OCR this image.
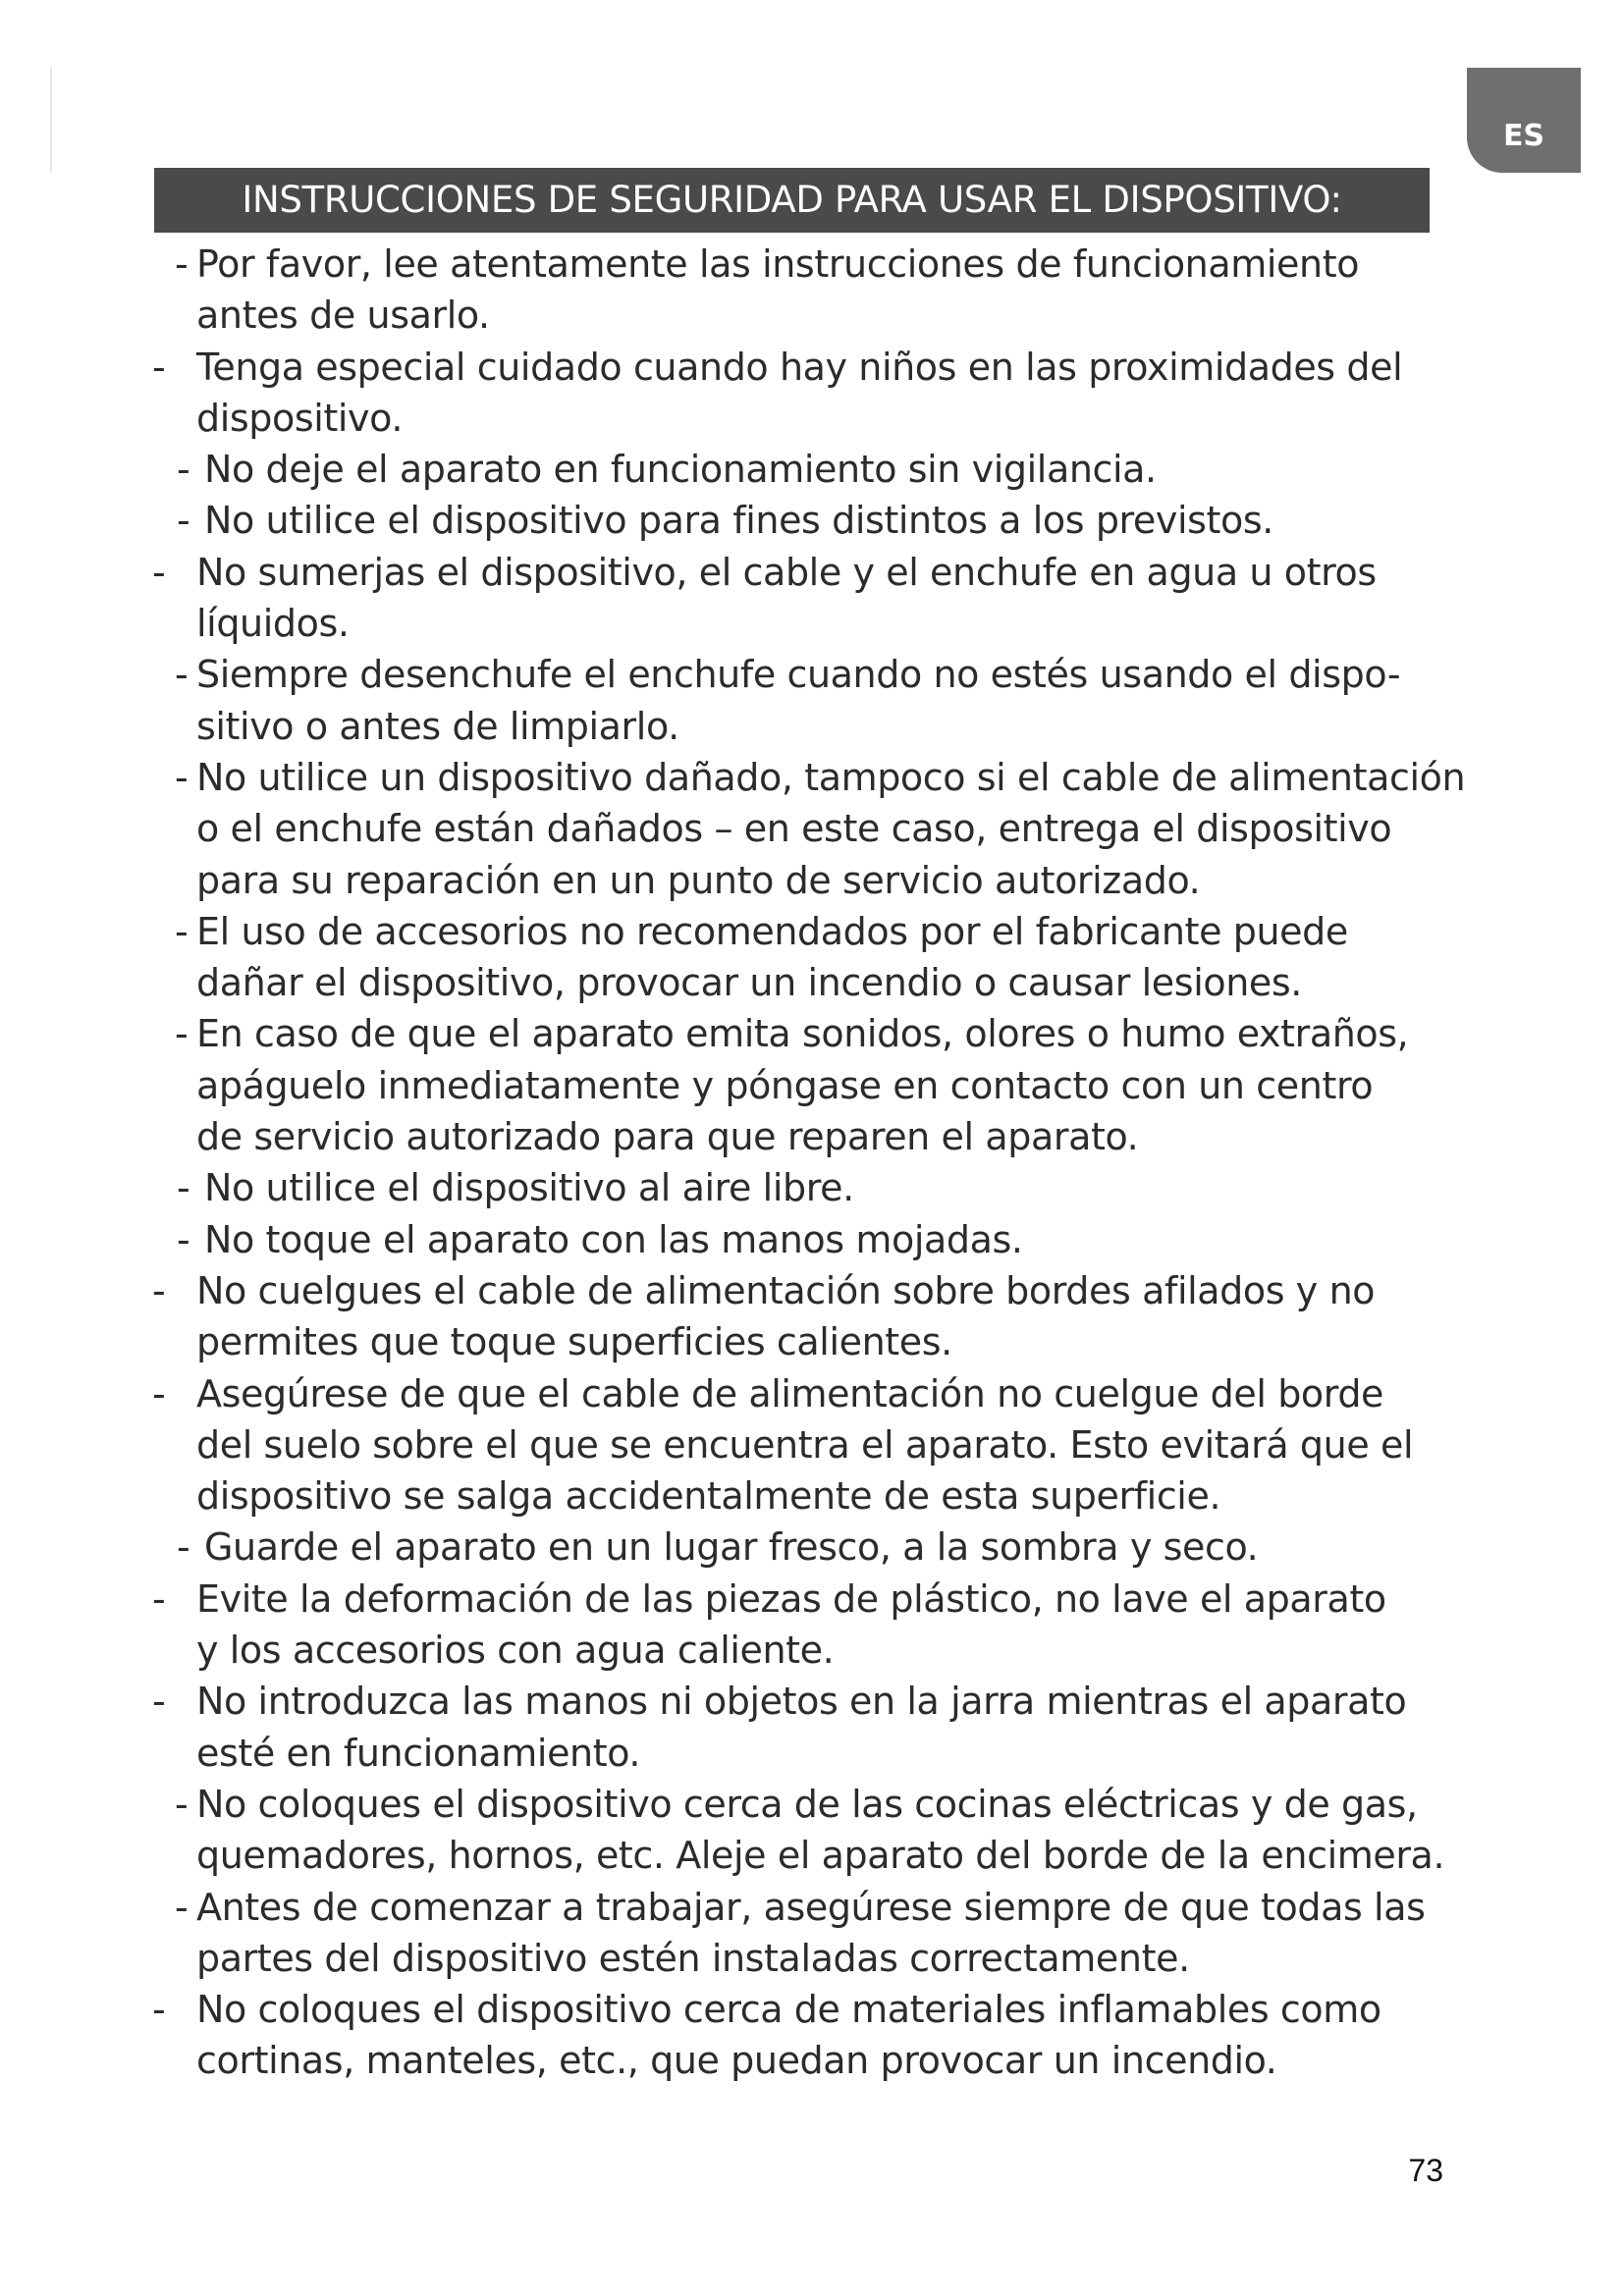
ES
INSTRUCCIONES DE SEGURIDAD PARA USAR EL DISPOSITIVO:
- Por favor, lee atentamente las instrucciones de funcionamiento
antes de usarlo.
- Tenga especial cuidado cuando hay niños en las proximidades del
dispositivo.
- No deje el aparato en funcionamiento sin vigilancia.
- No utilice el dispositivo para fines distintos a los previstos.
- No sumerjas el dispositivo, el cable y el enchufe en agua u otros
líquidos.
- Siempre desenchufe el enchufe cuando no estés usando el dispo-
sitivo o antes de limpiarlo.
- No utilice un dispositivo dañado, tampoco si el cable de alimentación
o el enchufe están dañados – en este caso, entrega el dispositivo
para su reparación en un punto de servicio autorizado.
- El uso de accesorios no recomendados por el fabricante puede
dañar el dispositivo, provocar un incendio o causar lesiones.
- En caso de que el aparato emita sonidos, olores o humo extraños,
apáguelo inmediatamente y póngase en contacto con un centro
de servicio autorizado para que reparen el aparato.
- No utilice el dispositivo al aire libre.
- No toque el aparato con las manos mojadas.
- No cuelgues el cable de alimentación sobre bordes afilados y no
permites que toque superficies calientes.
- Asegúrese de que el cable de alimentación no cuelgue del borde
del suelo sobre el que se encuentra el aparato. Esto evitará que el
dispositivo se salga accidentalmente de esta superficie.
- Guarde el aparato en un lugar fresco, a la sombra y seco.
- Evite la deformación de las piezas de plástico, no lave el aparato
y los accesorios con agua caliente.
- No introduzca las manos ni objetos en la jarra mientras el aparato
esté en funcionamiento.
- No coloques el dispositivo cerca de las cocinas eléctricas y de gas,
quemadores, hornos, etc. Aleje el aparato del borde de la encimera.
- Antes de comenzar a trabajar, asegúrese siempre de que todas las
partes del dispositivo estén instaladas correctamente.
- No coloques el dispositivo cerca de materiales inflamables como
cortinas, manteles, etc., que puedan provocar un incendio.
73
